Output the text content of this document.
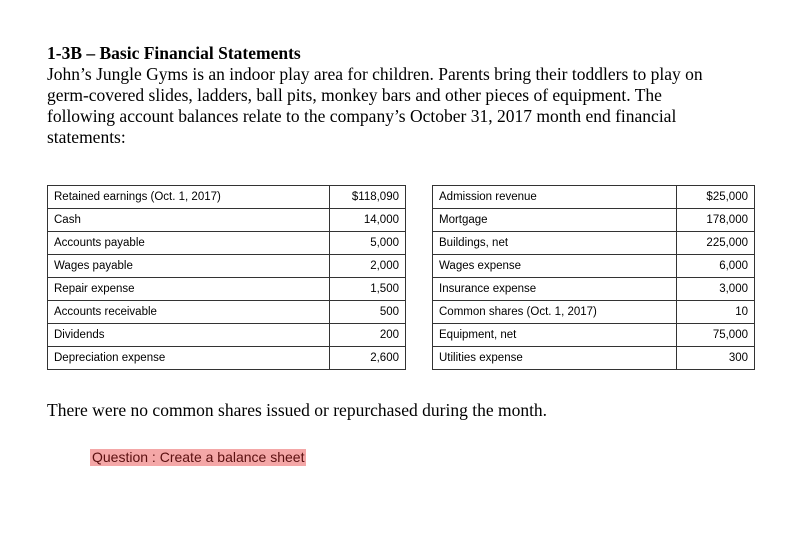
1-3B – Basic Financial Statements
John’s Jungle Gyms is an indoor play area for children. Parents bring their toddlers to play on
germ-covered slides, ladders, ball pits, monkey bars and other pieces of equipment. The
following account balances relate to the company’s October 31, 2017 month end financial
statements:
Retained earnings (Oct. 1, 2017)	$118,090
Cash	14,000
Accounts payable	5,000
Wages payable	2,000
Repair expense	1,500
Accounts receivable	500
Dividends	200
Depreciation expense	2,600
Admission revenue	$25,000
Mortgage	178,000
Buildings, net	225,000
Wages expense	6,000
Insurance expense	3,000
Common shares (Oct. 1, 2017)	10
Equipment, net	75,000
Utilities expense	300
There were no common shares issued or repurchased during the month.
Question : Create a balance sheet
